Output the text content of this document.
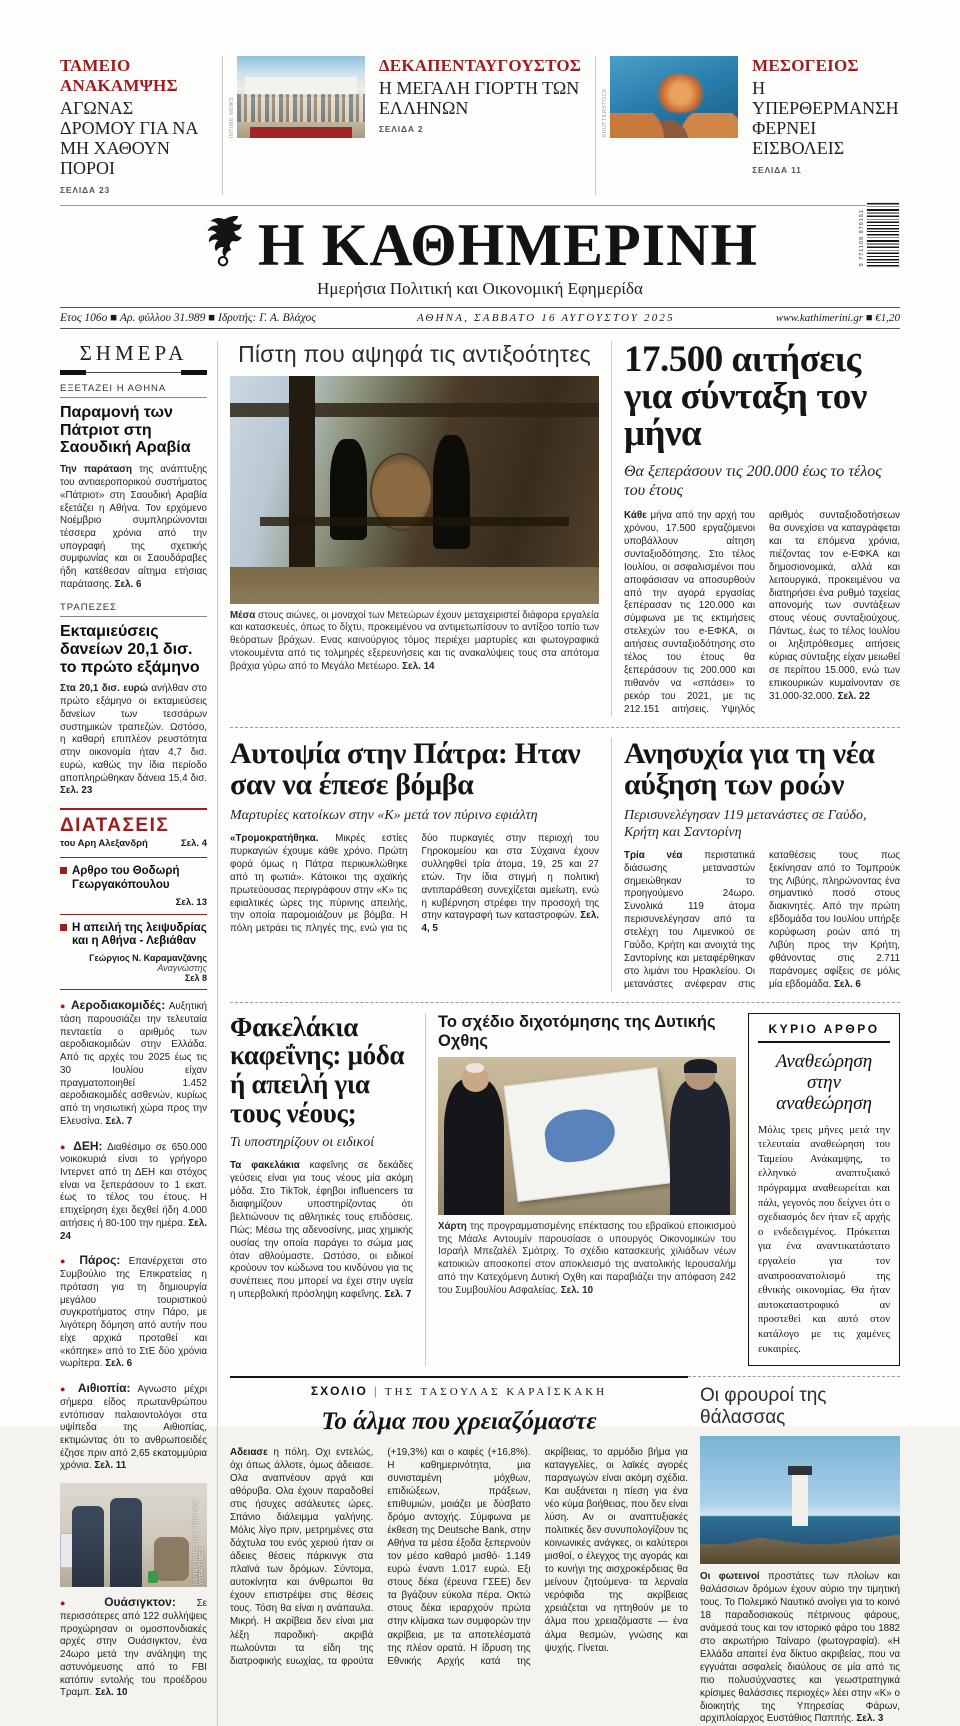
ΤΑΜΕΙΟ ΑΝΑΚΑΜΨΗΣ
ΑΓΩΝΑΣ ΔΡΟΜΟΥ ΓΙΑ ΝΑ ΜΗ ΧΑΘΟΥΝ ΠΟΡΟΙ
ΣΕΛΙΔΑ 23
INTIME NEWS
ΔΕΚΑΠΕΝΤΑΥΓΟΥΣΤΟΣ
Η ΜΕΓΑΛΗ ΓΙΟΡΤΗ ΤΩΝ ΕΛΛΗΝΩΝ
ΣΕΛΙΔΑ 2	SHUTTERSTOCK
ΜΕΣΟΓΕΙΟΣ
Η ΥΠΕΡΘΕΡΜΑΝΣΗ ΦΕΡΝΕΙ ΕΙΣΒΟΛΕΙΣ
ΣΕΛΙΔΑ 11
Η ΚΑΘΗΜΕΡΙΝΗ
Ημερήσια Πολιτική και Οικονομική Εφημερίδα
9 771108 979151
Ετος 106ο ■ Αρ. φύλλου 31.989 ■ Ιδρυτής: Γ. Α. Βλάχος	ΑΘΗΝΑ, ΣΑΒΒΑΤΟ 16 ΑΥΓΟΥΣΤΟΥ 2025	www.kathimerini.gr ■ €1,20
ΣΗΜΕΡΑ
ΕΞΕΤΑΖΕΙ Η ΑΘΗΝΑ
Παραμονή των Πάτριοτ στη Σαουδική Αραβία

Την παράταση της ανάπτυξης του αντιαεροπορικού συστήματος «Πάτριοτ» στη Σαουδική Αραβία εξετάζει η Αθήνα. Τον ερχόμενο Νοέμβριο συμπληρώνονται τέσσερα χρόνια από την υπογραφή της σχετικής συμφωνίας και οι Σαουδάραβες ήδη κατέθεσαν αίτημα ετήσιας παράτασης. Σελ. 6

ΤΡΑΠΕΖΕΣ
Εκταμιεύσεις δανείων 20,1 δισ. το πρώτο εξάμηνο

Στα 20,1 δισ. ευρώ ανήλθαν στο πρώτο εξάμηνο οι εκταμιεύσεις δανείων των τεσσάρων συστημικών τραπεζών. Ωστόσο, η καθαρή επιπλέον ρευστότητα στην οικονομία ήταν 4,7 δισ. ευρώ, καθώς την ίδια περίοδο αποπληρώθηκαν δάνεια 15,4 δισ. Σελ. 23

ΔΙΑΤΑΣΕΙΣ
του Αρη Αλεξανδρή	Σελ. 4
Αρθρο του Θοδωρή Γεωργακόπουλου
Σελ. 13
Η απειλή της λειψυδρίας και η Αθήνα - Λεβιάθαν
Γεώργιος Ν. Καραμανζάνης
Αναγνώστης
Σελ 8

● Αεροδιακομιδές: Αυξητική τάση παρουσιάζει την τελευταία πενταετία ο αριθμός των αεροδιακομιδών στην Ελλάδα. Από τις αρχές του 2025 έως τις 30 Ιουλίου είχαν πραγματοποιηθεί 1.452 αεροδιακομιδές ασθενών, κυρίως από τη νησιωτική χώρα προς την Ελευσίνα. Σελ. 7

● ΔΕΗ: Διαθέσιμο σε 650.000 νοικοκυριά είναι το γρήγορο Ιντερνετ από τη ΔΕΗ και στόχος είναι να ξεπεράσουν το 1 εκατ. έως το τέλος του έτους. Η επιχείρηση έχει δεχθεί ήδη 4.000 αιτήσεις ή 80-100 την ημέρα. Σελ. 24

● Πάρος: Επανέρχεται στο Συμβούλιο της Επικρατείας η πρόταση για τη δημιουργία μεγάλου τουριστικού συγκροτήματος στην Πάρο, με λιγότερη δόμηση από αυτήν που είχε αρχικά προταθεί και «κόπηκε» από το ΣτΕ δύο χρόνια νωρίτερα. Σελ. 6

● Αιθιοπία: Αγνωστο μέχρι σήμερα είδος πρωτανθρώπου εντόπισαν παλαιοντολόγοι στα υψίπεδα της Αιθιοπίας, εκτιμώντας ότι το ανθρωποειδές έζησε πριν από 2,65 εκατομμύρια χρόνια. Σελ. 11

KENNY HOLSTON / THE NEW YORK TIMES

● Ουάσιγκτον: Σε περισσότερες από 122 συλλήψεις προχώρησαν οι ομοσπονδιακές αρχές στην Ουάσιγκτον, ένα 24ωρο μετά την ανάληψη της αστυνόμευσης από το FBI κατόπιν εντολής του προέδρου Τραμπ. Σελ. 10

Πίστη που αψηφά τις αντιξοότητες

Μέσα στους αιώνες, οι μοναχοί των Μετεώρων έχουν μεταχειριστεί διάφορα εργαλεία και κατασκευές, όπως το δίχτυ, προκειμένου να αντιμετωπίσουν το αντίξοο τοπίο των θεόρατων βράχων. Ενας καινούργιος τόμος περιέχει μαρτυρίες και φωτογραφικά ντοκουμέντα από τις τολμηρές εξερευνήσεις και τις ανακαλύψεις τους στα απότομα βράχια γύρω από το Μεγάλο Μετέωρο. Σελ. 14

17.500 αιτήσεις για σύνταξη τον μήνα
Θα ξεπεράσουν τις 200.000 έως το τέλος του έτους

Κάθε μήνα από την αρχή του χρόνου, 17.500 εργαζόμενοι υποβάλλουν αίτηση συνταξιοδότησης. Στο τέλος Ιουλίου, οι ασφαλισμένοι που αποφάσισαν να αποσυρθούν από την αγορά εργασίας ξεπέρασαν τις 120.000 και σύμφωνα με τις εκτιμήσεις στελεχών του e-ΕΦΚΑ, οι αιτήσεις συνταξιοδότησης στο τέλος του έτους θα ξεπεράσουν τις 200.000 και πιθανόν να «σπάσει» το ρεκόρ του 2021, με τις 212.151 αιτήσεις. Υψηλός αριθμός συνταξιοδοτήσεων θα συνεχίσει να καταγράφεται και τα επόμενα χρόνια, πιέζοντας τον e-ΕΦΚΑ και δημοσιονομικά, αλλά και λειτουργικά, προκειμένου να διατηρήσει ένα ρυθμό ταχείας απονομής των συντάξεων στους νέους συνταξιούχους. Πάντως, έως το τέλος Ιουλίου οι ληξιπρόθεσμες αιτήσεις κύριας σύνταξης είχαν μειωθεί σε περίπου 15.000, ενώ των επικουρικών κυμαίνονταν σε 31.000-32.000. Σελ. 22

Αυτοψία στην Πάτρα: Ηταν σαν να έπεσε βόμβα
Μαρτυρίες κατοίκων στην «Κ» μετά τον πύρινο εφιάλτη

«Τρομοκρατήθηκα. Μικρές εστίες πυρκαγιών έχουμε κάθε χρόνο. Πρώτη φορά όμως η Πάτρα περικυκλώθηκε από τη φωτιά». Κάτοικοι της αχαϊκής πρωτεύουσας περιγράφουν στην «Κ» τις εφιαλτικές ώρες της πύρινης απειλής, την οποία παρομοιάζουν με βόμβα. Η πόλη μετράει τις πληγές της, ενώ για τις δύο πυρκαγιές στην περιοχή του Γηροκομείου και στα Σύχαινα έχουν συλληφθεί τρία άτομα, 19, 25 και 27 ετών. Την ίδια στιγμή η πολιτική αντιπαράθεση συνεχίζεται αμείωτη, ενώ η κυβέρνηση στρέφει την προσοχή της στην καταγραφή των καταστροφών. Σελ. 4, 5

Ανησυχία για τη νέα αύξηση των ροών
Περισυνελέγησαν 119 μετανάστες σε Γαύδο, Κρήτη και Σαντορίνη

Τρία νέα περιστατικά διάσωσης μεταναστών σημειώθηκαν το προηγούμενο 24ωρο. Συνολικά 119 άτομα περισυνελέγησαν από τα στελέχη του Λιμενικού σε Γαύδο, Κρήτη και ανοιχτά της Σαντορίνης και μεταφέρθηκαν στο λιμάνι του Ηρακλείου. Οι μετανάστες ανέφεραν στις καταθέσεις τους πως ξεκίνησαν από το Τομπρούκ της Λιβύης, πληρώνοντας ένα σημαντικό ποσό στους διακινητές. Από την πρώτη εβδομάδα του Ιουλίου υπήρξε κορύφωση ροών από τη Λιβύη προς την Κρήτη, φθάνοντας στις 2.711 παράνομες αφίξεις σε μόλις μία εβδομάδα. Σελ. 6

Φακελάκια καφεΐνης: μόδα ή απειλή για τους νέους;
Τι υποστηρίζουν οι ειδικοί

Τα φακελάκια καφεΐνης σε δεκάδες γεύσεις είναι για τους νέους μία ακόμη μόδα. Στο TikTok, έφηβοι influencers τα διαφημίζουν υποστηρίζοντας ότι βελτιώνουν τις αθλητικές τους επιδόσεις. Πώς; Μέσω της αδενοσίνης, μιας χημικής ουσίας την οποία παράγει το σώμα μας όταν αθλούμαστε. Ωστόσο, οι ειδικοί κρούουν τον κώδωνα του κινδύνου για τις συνέπειες που μπορεί να έχει στην υγεία η υπερβολική πρόσληψη καφεΐνης. Σελ. 7

Το σχέδιο διχοτόμησης της Δυτικής Οχθης

Χάρτη της προγραμματισμένης επέκτασης του εβραϊκού εποικισμού της Μάαλε Αντουμίν παρουσίασε ο υπουργός Οικονομικών του Ισραήλ Μπεζαλέλ Σμότριχ. Το σχέδιο κατασκευής χιλιάδων νέων κατοικιών αποσκοπεί στον αποκλεισμό της ανατολικής Ιερουσαλήμ από την Κατεχόμενη Δυτική Οχθη και παραβιάζει την απόφαση 242 του Συμβουλίου Ασφαλείας. Σελ. 10

ΚΥΡΙΟ ΑΡΘΡΟ
Αναθεώρηση στην αναθεώρηση

Μόλις τρεις μήνες μετά την τελευταία αναθεώρηση του Ταμείου Ανάκαμψης, το ελληνικό αναπτυξιακό πρόγραμμα αναθεωρείται και πάλι, γεγονός που δείχνει ότι ο σχεδιασμός δεν ήταν εξ αρχής ο ενδεδειγμένος. Πρόκειται για ένα αναντικατάστατο εργαλείο για τον αναπροσανατολισμό της εθνικής οικονομίας. Θα ήταν αυτοκαταστροφικό αν προστεθεί και αυτό στον κατάλογο με τις χαμένες ευκαιρίες.

ΣΧΟΛΙΟ | ΤΗΣ ΤΑΣΟΥΛΑΣ ΚΑΡΑΪΣΚΑΚΗ
Το άλμα που χρειαζόμαστε

Αδειασε η πόλη. Οχι εντελώς, όχι όπως άλλοτε, όμως άδειασε. Ολα αναπνέουν αργά και αθόρυβα. Ολα έχουν παραδοθεί στις ήσυχες ασάλευτες ώρες. Σπάνιο διάλειμμα γαλήνης. Μόλις λίγο πριν, μετρημένες στα δάχτυλα του ενός χεριού ήταν οι άδειες θέσεις πάρκινγκ στα πλαϊνά των δρόμων. Σύντομα, αυτοκίνητα και άνθρωποι θα έχουν επιστρέψει στις θέσεις τους. Τόση θα είναι η ανάπαυλα. Μικρή. Η ακρίβεια δεν είναι μια λέξη παροδική· ακριβά πωλούνται τα είδη της διατροφικής ευωχίας, τα φρούτα (+19,3%) και ο καφές (+16,8%). Η καθημερινότητα, μια συνισταμένη μόχθων, επιδιώξεων, πράξεων, επιθυμιών, μοιάζει με δύσβατο δρόμο αντοχής. Σύμφωνα με έκθεση της Deutsche Bank, στην Αθήνα τα μέσα έξοδα ξεπερνούν τον μέσο καθαρό μισθό· 1.149 ευρώ έναντι 1.017 ευρώ. Εξι στους δέκα (έρευνα ΓΣΕΕ) δεν τα βγάζουν εύκολα πέρα. Οκτώ στους δέκα ιεραρχούν πρώτα στην κλίμακα των συμφορών την ακρίβεια, με τα αποτελέσματά της πλέον ορατά. Η ίδρυση της Εθνικής Αρχής κατά της ακρίβειας, το αρμόδιο βήμα για καταγγελίες, οι λαϊκές αγορές παραγωγών είναι ακόμη σχέδια. Και αυξάνεται η πίεση για ένα νέο κύμα βοήθειας, που δεν είναι λύση. Αν οι αναπτυξιακές πολιτικές δεν συνυπολογίζουν τις κοινωνικές ανάγκες, οι καλύτεροι μισθοί, ο έλεγχος της αγοράς και το κυνήγι της αισχροκέρδειας θα μείνουν ζητούμενα· τα λερναία νερόφιδα της ακρίβειας χρειάζεται να ηττηθούν με το άλμα που χρειαζόμαστε — ένα άλμα θεσμών, γνώσης και ψυχής. Γίνεται.

Οι φρουροί της θάλασσας

Οι φωτεινοί προστάτες των πλοίων και θαλάσσιων δρόμων έχουν αύριο την τιμητική τους. Το Πολεμικό Ναυτικό ανοίγει για το κοινό 18 παραδοσιακούς πέτρινους φάρους, ανάμεσά τους και τον ιστορικό φάρο του 1882 στο ακρωτήριο Ταίναρο (φωτογραφία). «Η Ελλάδα απαιτεί ένα δίκτυο ακριβείας, που να εγγυάται ασφαλείς διαύλους σε μία από τις πιο πολυσύχναστες και γεωστρατηγικά κρίσιμες θαλάσσιες περιοχές» λέει στην «Κ» ο διοικητής της Υπηρεσίας Φάρων, αρχιπλοίαρχος Ευστάθιος Παππής. Σελ. 3
